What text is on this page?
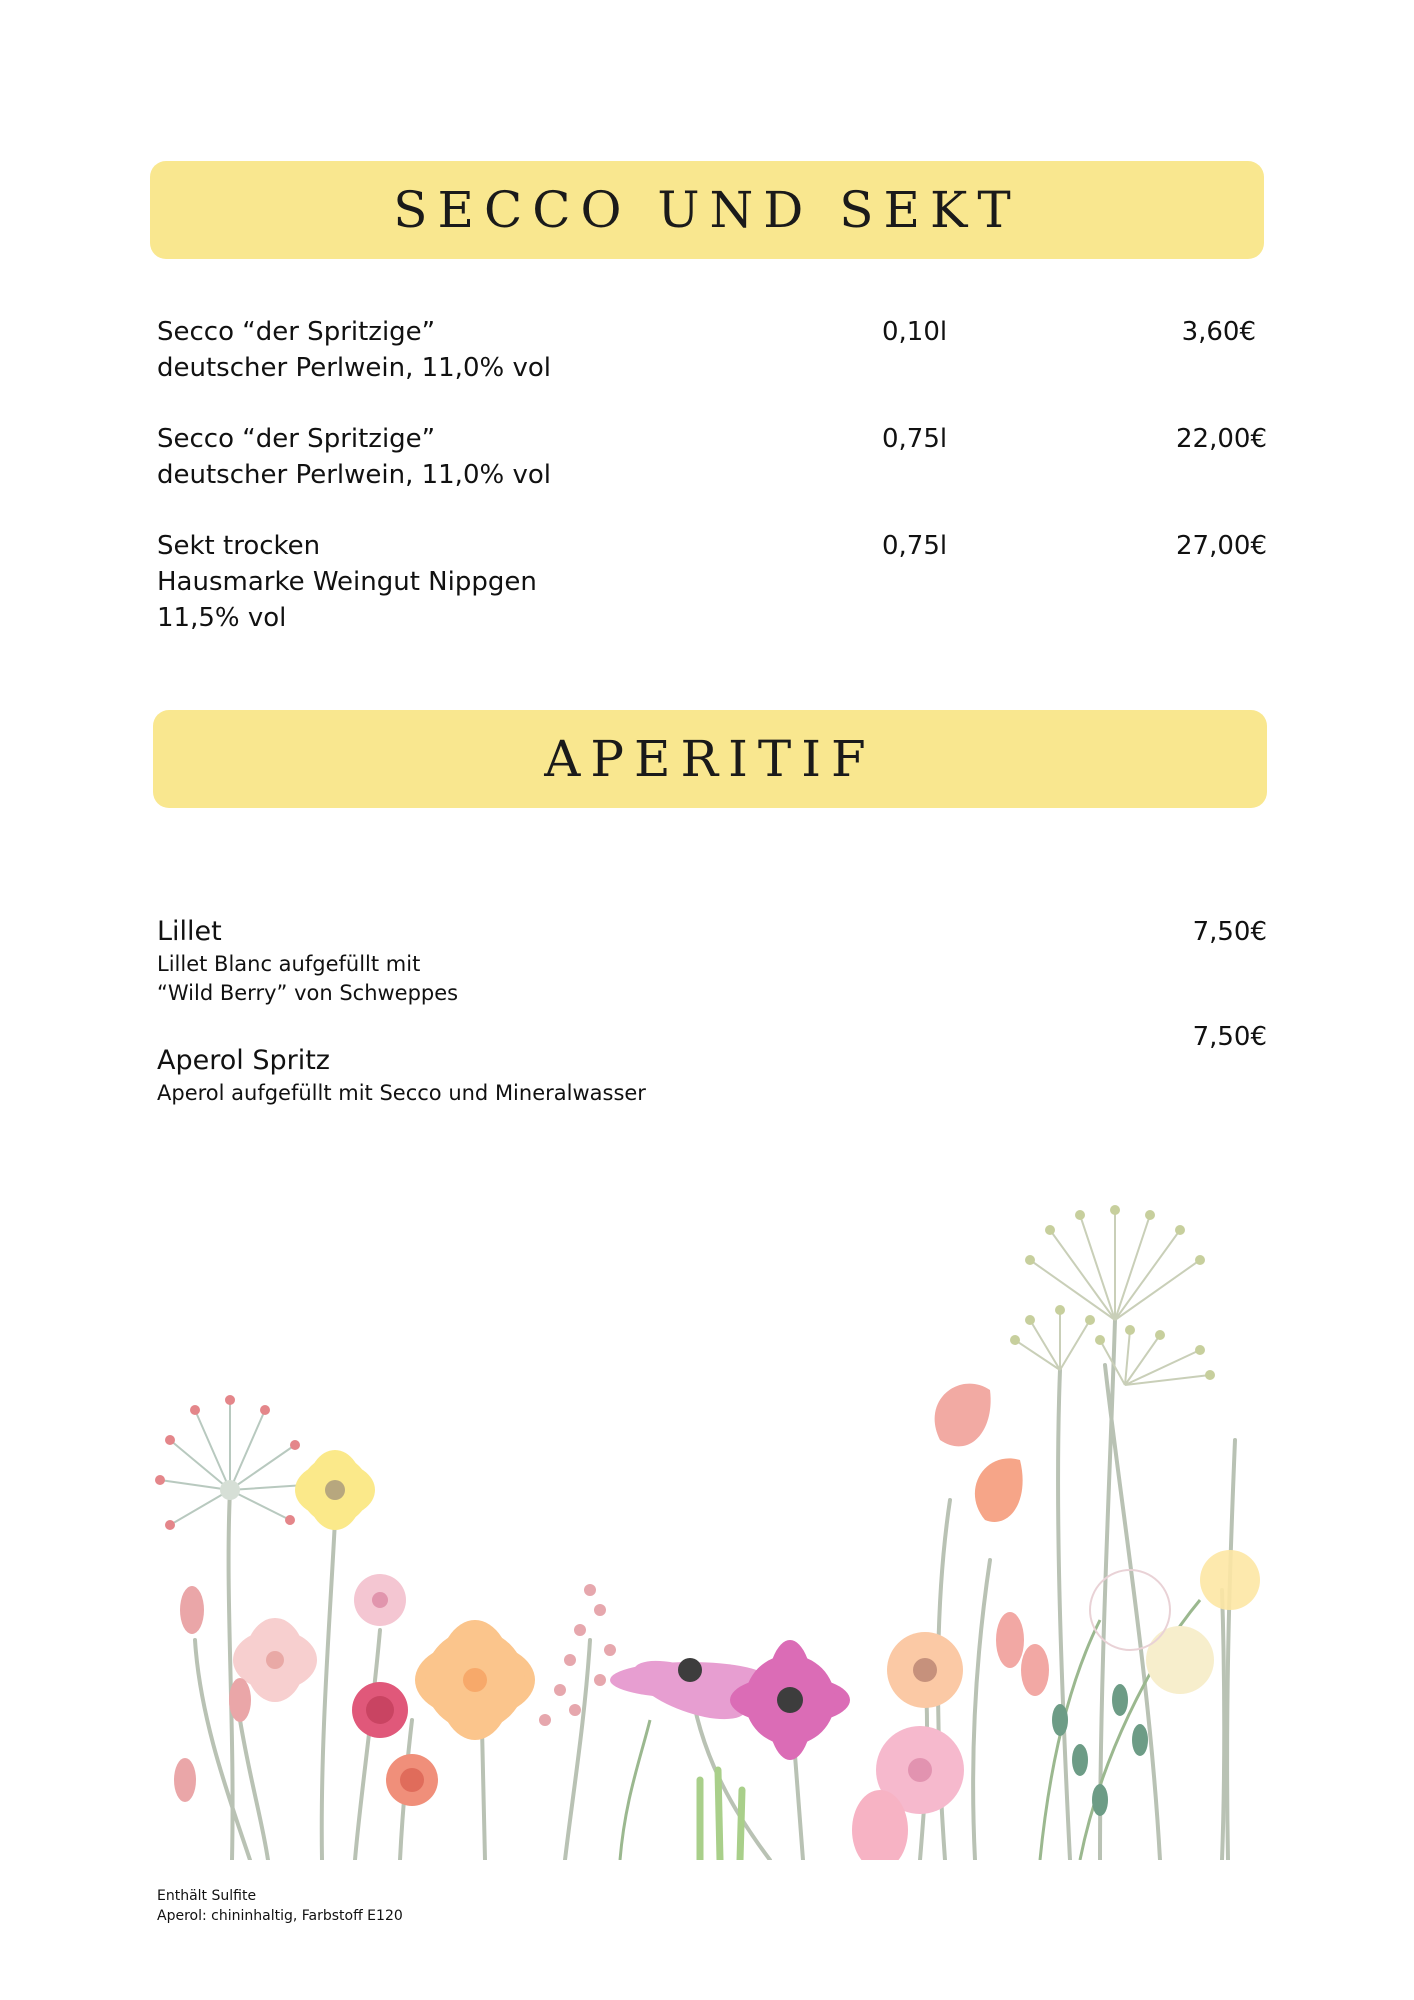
SECCO UND SEKT
Secco “der Spritzige”
deutscher Perlwein, 11,0% vol
0,10l	3,60€
Secco “der Spritzige”
deutscher Perlwein, 11,0% vol
0,75l	22,00€
Sekt trocken
Hausmarke Weingut Nippgen
11,5% vol
0,75l	27,00€
APERITIF
Lillet
Lillet Blanc aufgefüllt mit
“Wild Berry” von Schweppes
7,50€
Aperol Spritz
Aperol aufgefüllt mit Secco und Mineralwasser
7,50€
Enthält Sulfite
Aperol: chininhaltig, Farbstoff E120
